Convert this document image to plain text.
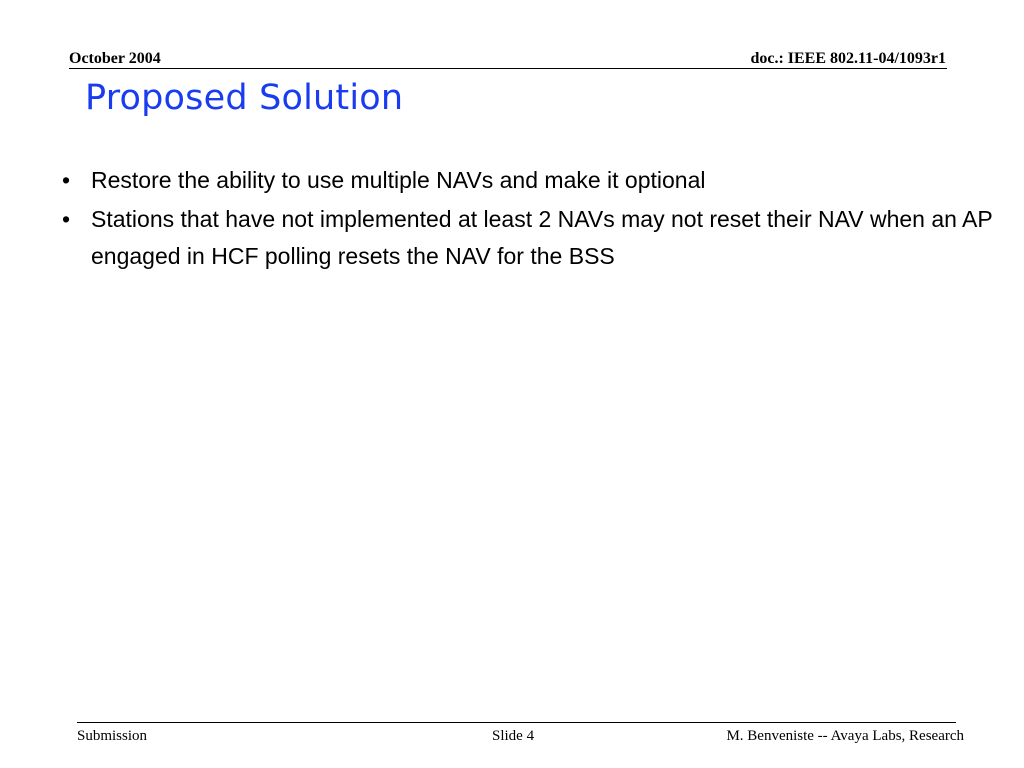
October 2004	doc.: IEEE 802.11-04/1093r1
Proposed Solution
• Restore the ability to use multiple NAVs and make it optional
• Stations that have not implemented at least 2 NAVs may not reset their NAV when an AP engaged in HCF polling resets the NAV for the BSS
Submission	Slide 4	M. Benveniste -- Avaya Labs, Research
